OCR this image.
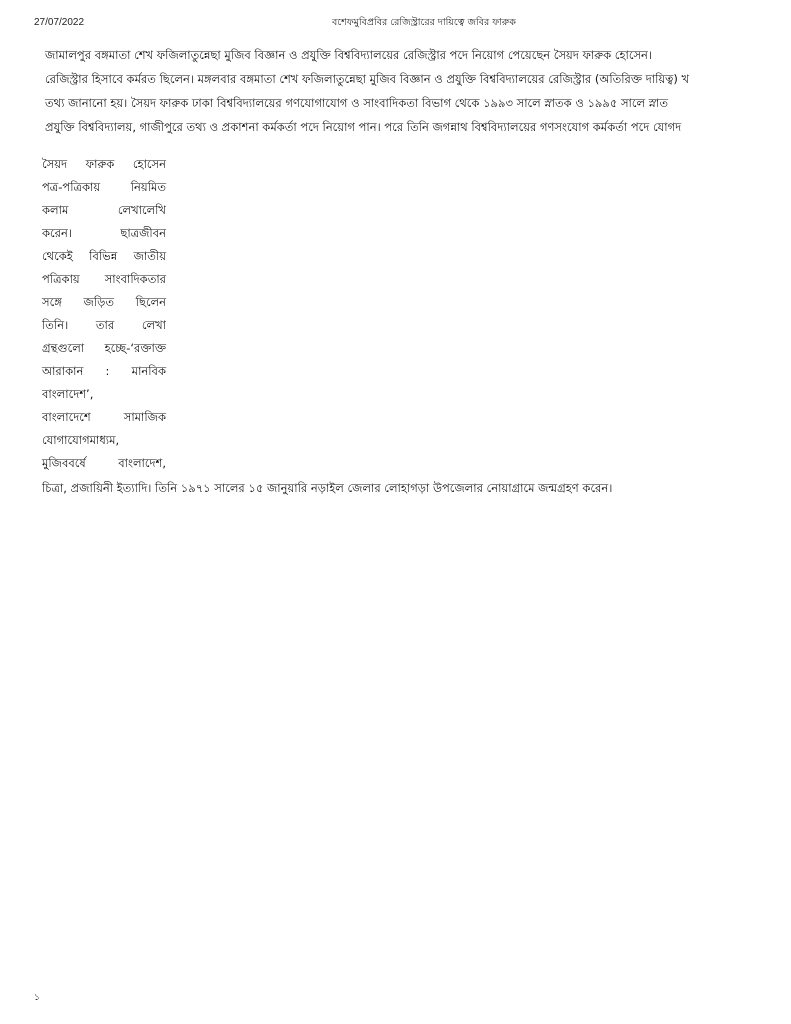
27/07/2022	বশেফমুবিপ্রবির রেজিস্ট্রারের দায়িত্বে জবির ফারুক
জামালপুর বঙ্গমাতা শেখ ফজিলাতুন্নেছা মুজিব বিজ্ঞান ও প্রযুক্তি বিশ্ববিদ্যালয়ের রেজিস্ট্রার পদে নিয়োগ পেয়েছেন সৈয়দ ফারুক হোসেন।
রেজিস্ট্রার হিসাবে কর্মরত ছিলেন। মঙ্গলবার বঙ্গমাতা শেখ ফজিলাতুন্নেছা মুজিব বিজ্ঞান ও প্রযুক্তি বিশ্ববিদ্যালয়ের রেজিস্ট্রার (অতিরিক্ত দায়িত্ব) খ
তথ্য জানানো হয়। সৈয়দ ফারুক ঢাকা বিশ্ববিদ্যালয়ের গণযোগাযোগ ও সাংবাদিকতা বিভাগ থেকে ১৯৯৩ সালে স্নাতক ও ১৯৯৫ সালে স্নাত
প্রযুক্তি বিশ্ববিদ্যালয়, গাজীপুরে তথ্য ও প্রকাশনা কর্মকর্তা পদে নিয়োগ পান। পরে তিনি জগন্নাথ বিশ্ববিদ্যালয়ের গণসংযোগ কর্মকর্তা পদে যোগদ
সৈয়দ ফারুক হোসেন
পত্র-পত্রিকায় নিয়মিত
কলাম লেখালেখি
করেন। ছাত্রজীবন
থেকেই বিভিন্ন জাতীয়
পত্রিকায় সাংবাদিকতার
সঙ্গে জড়িত ছিলেন
তিনি। তার লেখা
গ্রন্থগুলো হচ্ছে-‘রক্তাক্ত
আরাকান : মানবিক
বাংলাদেশ’,
বাংলাদেশে সামাজিক
যোগাযোগমাধ্যম,
মুজিববর্ষে বাংলাদেশ,
চিত্রা, প্রজায়িনী ইত্যাদি। তিনি ১৯৭১ সালের ১৫ জানুয়ারি নড়াইল জেলার লোহাগড়া উপজেলার নোয়াগ্রামে জন্মগ্রহণ করেন।
১
